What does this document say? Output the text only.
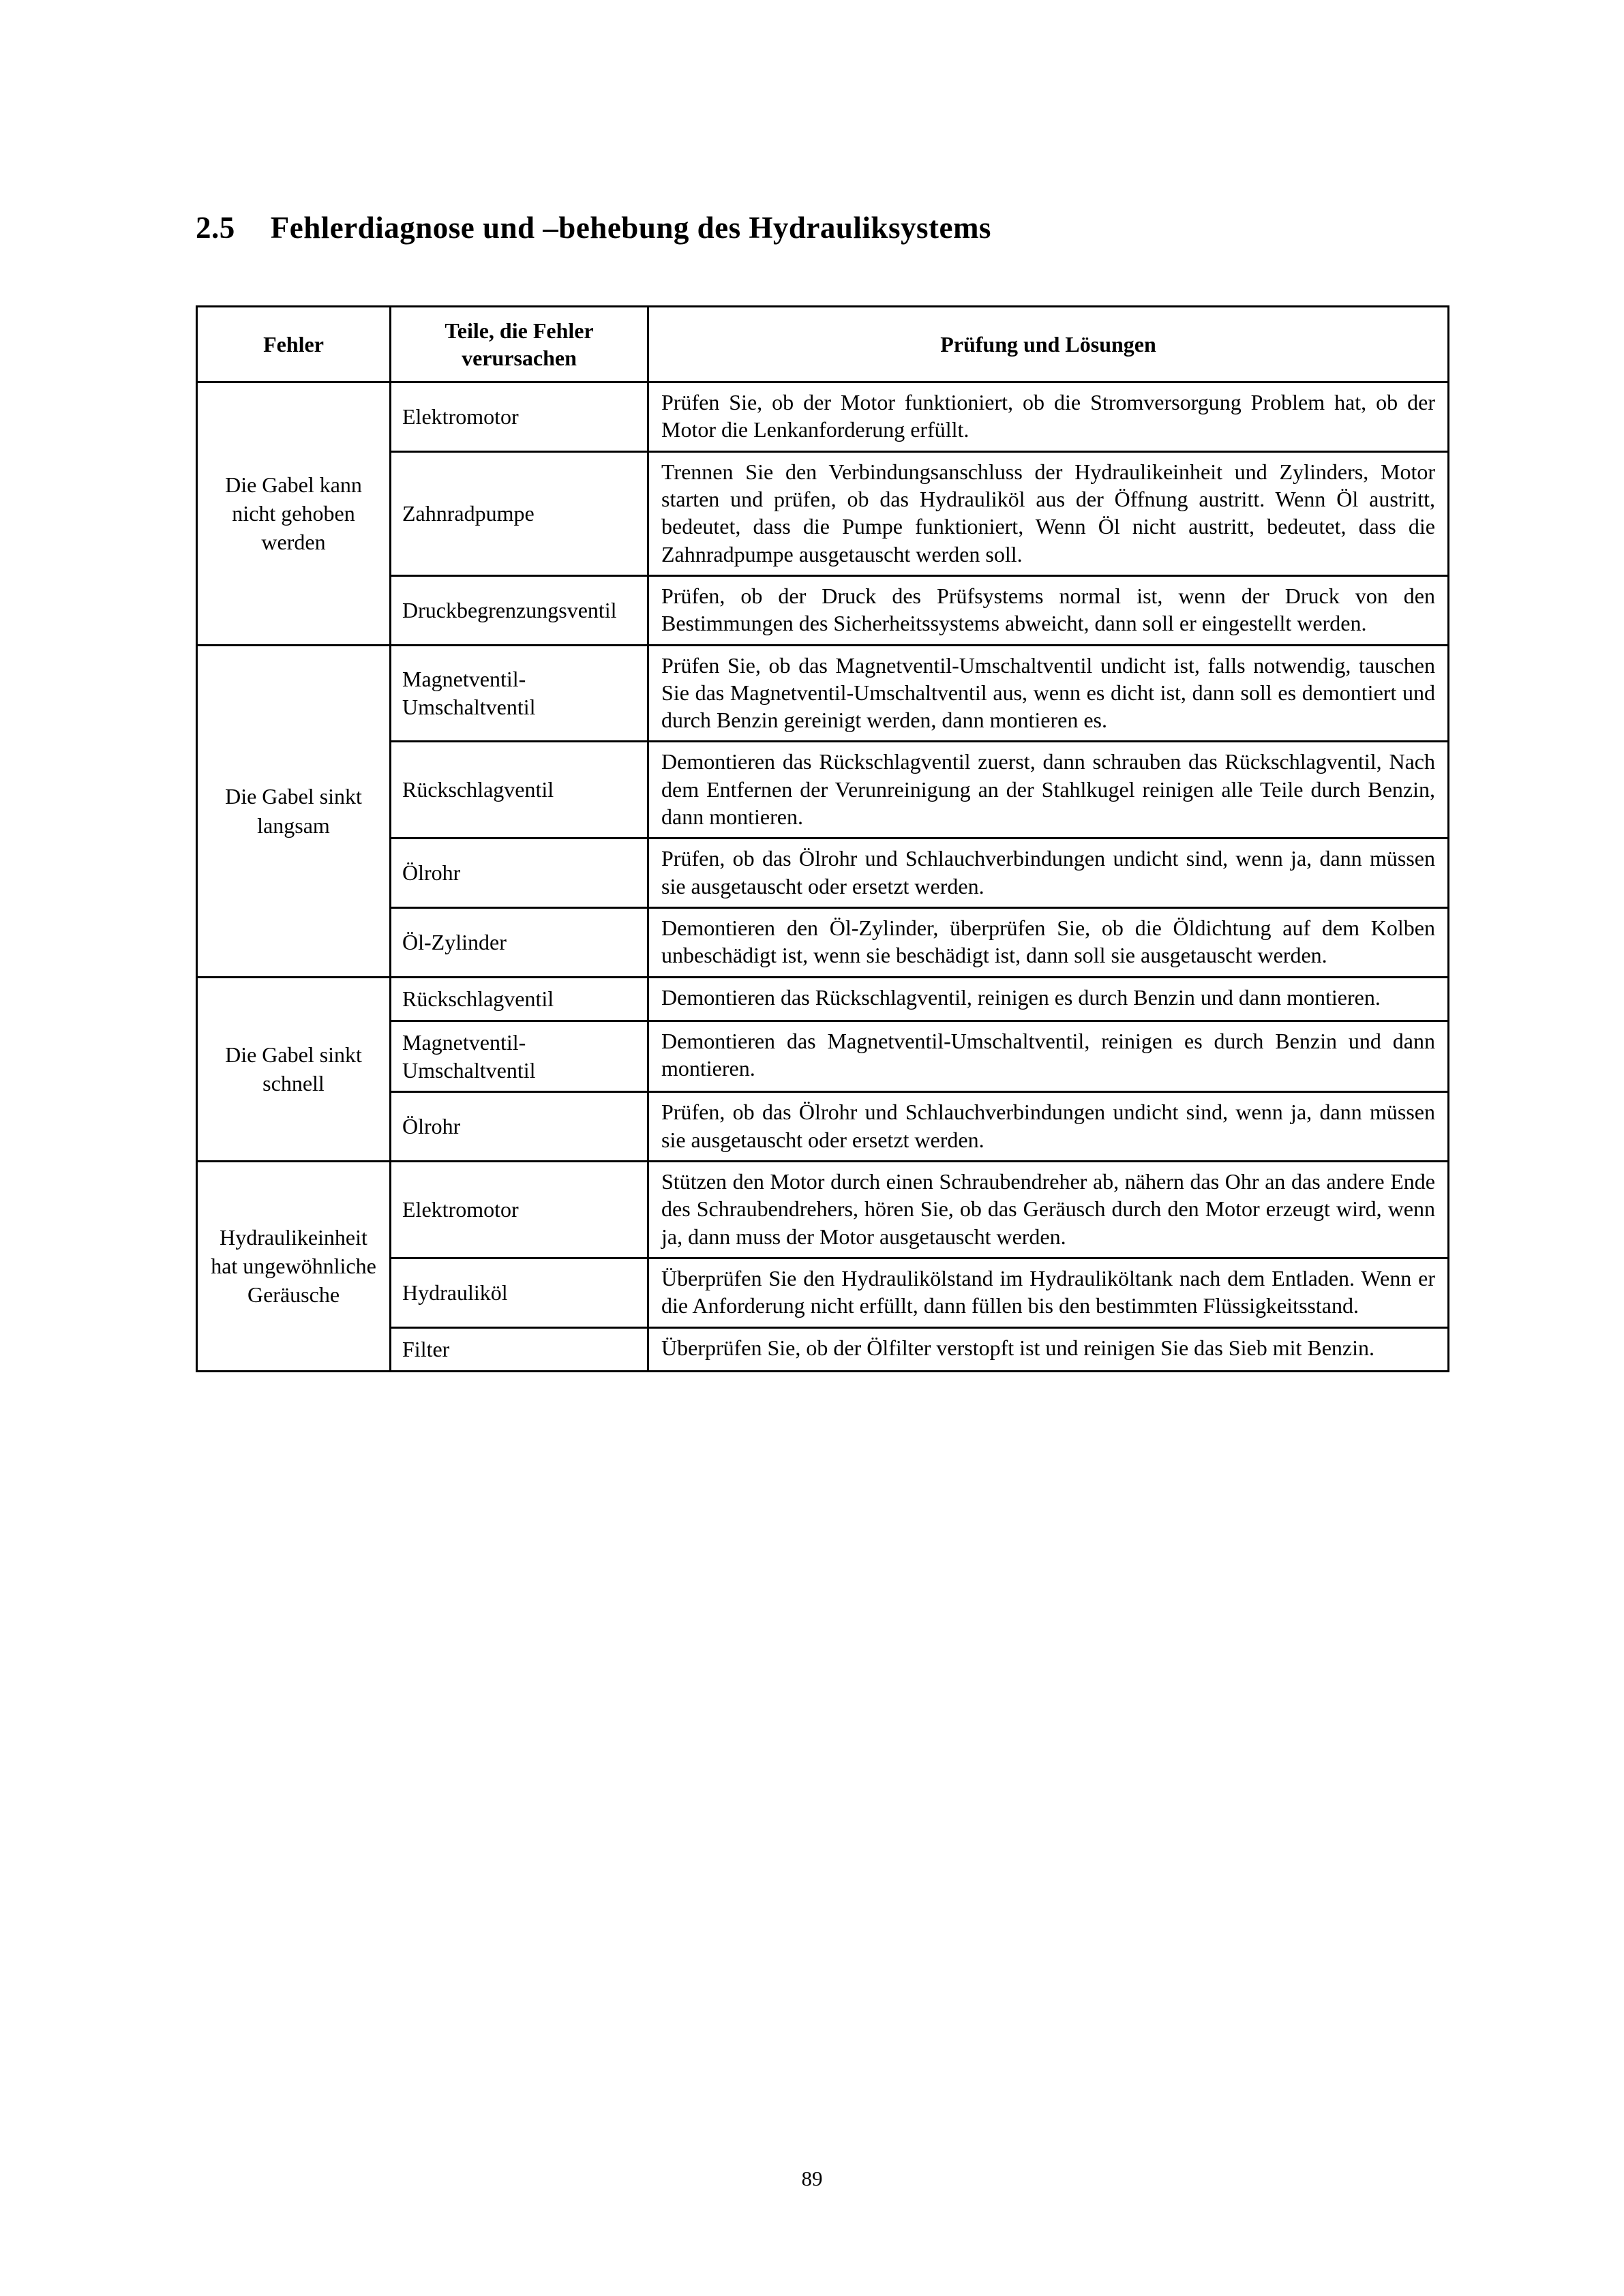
2.5 Fehlerdiagnose und –behebung des Hydrauliksystems
Fehler	Teile, die Fehler verursachen	Prüfung und Lösungen
Die Gabel kann nicht gehoben werden	Elektromotor	Prüfen Sie, ob der Motor funktioniert, ob die Stromversorgung Problem hat, ob der Motor die Lenkanforderung erfüllt.
	Zahnradpumpe	Trennen Sie den Verbindungsanschluss der Hydraulikeinheit und Zylinders, Motor starten und prüfen, ob das Hydrauliköl aus der Öffnung austritt. Wenn Öl austritt, bedeutet, dass die Pumpe funktioniert, Wenn Öl nicht austritt, bedeutet, dass die Zahnradpumpe ausgetauscht werden soll.
	Druckbegrenzungsventil	Prüfen, ob der Druck des Prüfsystems normal ist, wenn der Druck von den Bestimmungen des Sicherheitssystems abweicht, dann soll er eingestellt werden.
Die Gabel sinkt langsam	Magnetventil-Umschaltventil	Prüfen Sie, ob das Magnetventil-Umschaltventil undicht ist, falls notwendig, tauschen Sie das Magnetventil-Umschaltventil aus, wenn es dicht ist, dann soll es demontiert und durch Benzin gereinigt werden, dann montieren es.
	Rückschlagventil	Demontieren das Rückschlagventil zuerst, dann schrauben das Rückschlagventil, Nach dem Entfernen der Verunreinigung an der Stahlkugel reinigen alle Teile durch Benzin, dann montieren.
	Ölrohr	Prüfen, ob das Ölrohr und Schlauchverbindungen undicht sind, wenn ja, dann müssen sie ausgetauscht oder ersetzt werden.
	Öl-Zylinder	Demontieren den Öl-Zylinder, überprüfen Sie, ob die Öldichtung auf dem Kolben unbeschädigt ist, wenn sie beschädigt ist, dann soll sie ausgetauscht werden.
Die Gabel sinkt schnell	Rückschlagventil	Demontieren das Rückschlagventil, reinigen es durch Benzin und dann montieren.
	Magnetventil-Umschaltventil	Demontieren das Magnetventil-Umschaltventil, reinigen es durch Benzin und dann montieren.
	Ölrohr	Prüfen, ob das Ölrohr und Schlauchverbindungen undicht sind, wenn ja, dann müssen sie ausgetauscht oder ersetzt werden.
Hydraulikeinheit hat ungewöhnliche Geräusche	Elektromotor	Stützen den Motor durch einen Schraubendreher ab, nähern das Ohr an das andere Ende des Schraubendrehers, hören Sie, ob das Geräusch durch den Motor erzeugt wird, wenn ja, dann muss der Motor ausgetauscht werden.
	Hydrauliköl	Überprüfen Sie den Hydraulikölstand im Hydrauliköltank nach dem Entladen. Wenn er die Anforderung nicht erfüllt, dann füllen bis den bestimmten Flüssigkeitsstand.
	Filter	Überprüfen Sie, ob der Ölfilter verstopft ist und reinigen Sie das Sieb mit Benzin.
89
